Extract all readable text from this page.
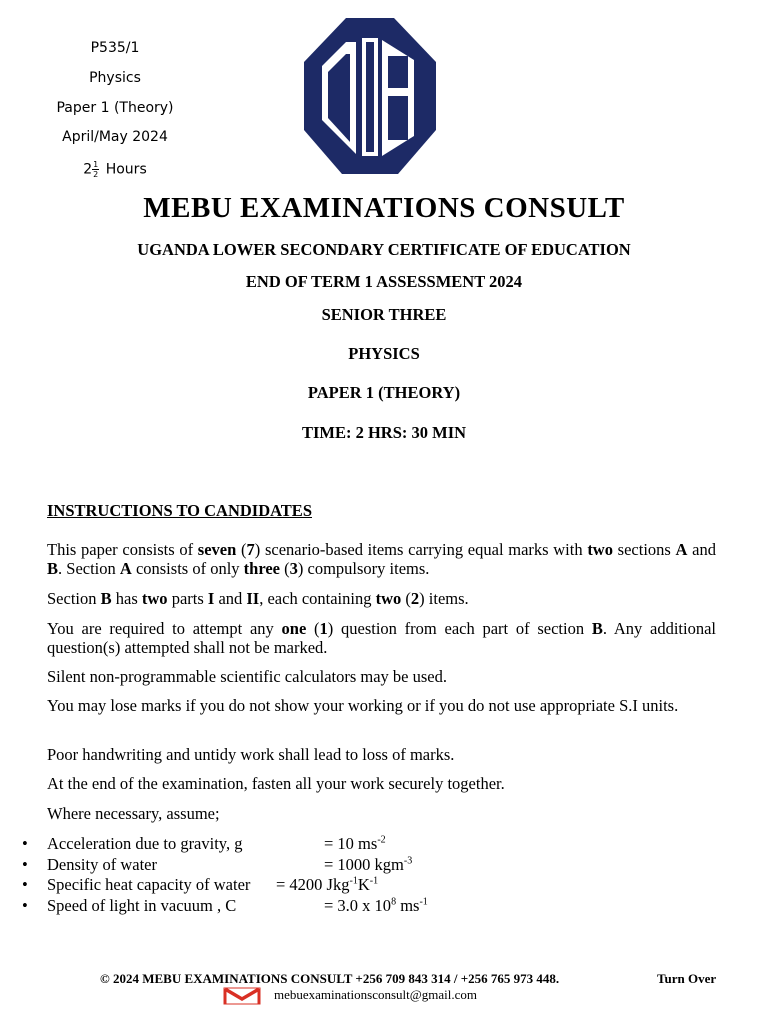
P535/1
Physics
Paper 1 (Theory)
April/May 2024
$2 \frac{1}{2}$ Hours
MEBU EXAMINATIONS CONSULT
UGANDA LOWER SECONDARY CERTIFICATE OF EDUCATION
END OF TERM 1 ASSESSMENT 2024
SENIOR THREE
PHYSICS
PAPER 1 (THEORY)
TIME: 2 HRS: 30 MIN
INSTRUCTIONS TO CANDIDATES
This paper consists of seven (7) scenario-based items carrying equal marks with two sections A and B. Section A consists of only three (3) compulsory items.
Section B has two parts I and II, each containing two (2) items.
You are required to attempt any one (1) question from each part of section B. Any additional question(s) attempted shall not be marked.
Silent non-programmable scientific calculators may be used.
You may lose marks if you do not show your working or if you do not use appropriate S.I units.
Poor handwriting and untidy work shall lead to loss of marks.
At the end of the examination, fasten all your work securely together.
Where necessary, assume;
• Acceleration due to gravity, g	= 10 $ms^{-2}$
• Density of water	= 1000 kgm$^{-3}$
• Specific heat capacity of water = 4200 $Jkg^{-1}K^{-1}$
• Speed of light in vacuum , C	= 3.0 x $10^8$ $ms^{-1}$
© 2024 MEBU EXAMINATIONS CONSULT +256 709 843 314 / +256 765 973 448.	Turn Over
mebuexaminationsconsult@gmail.com
